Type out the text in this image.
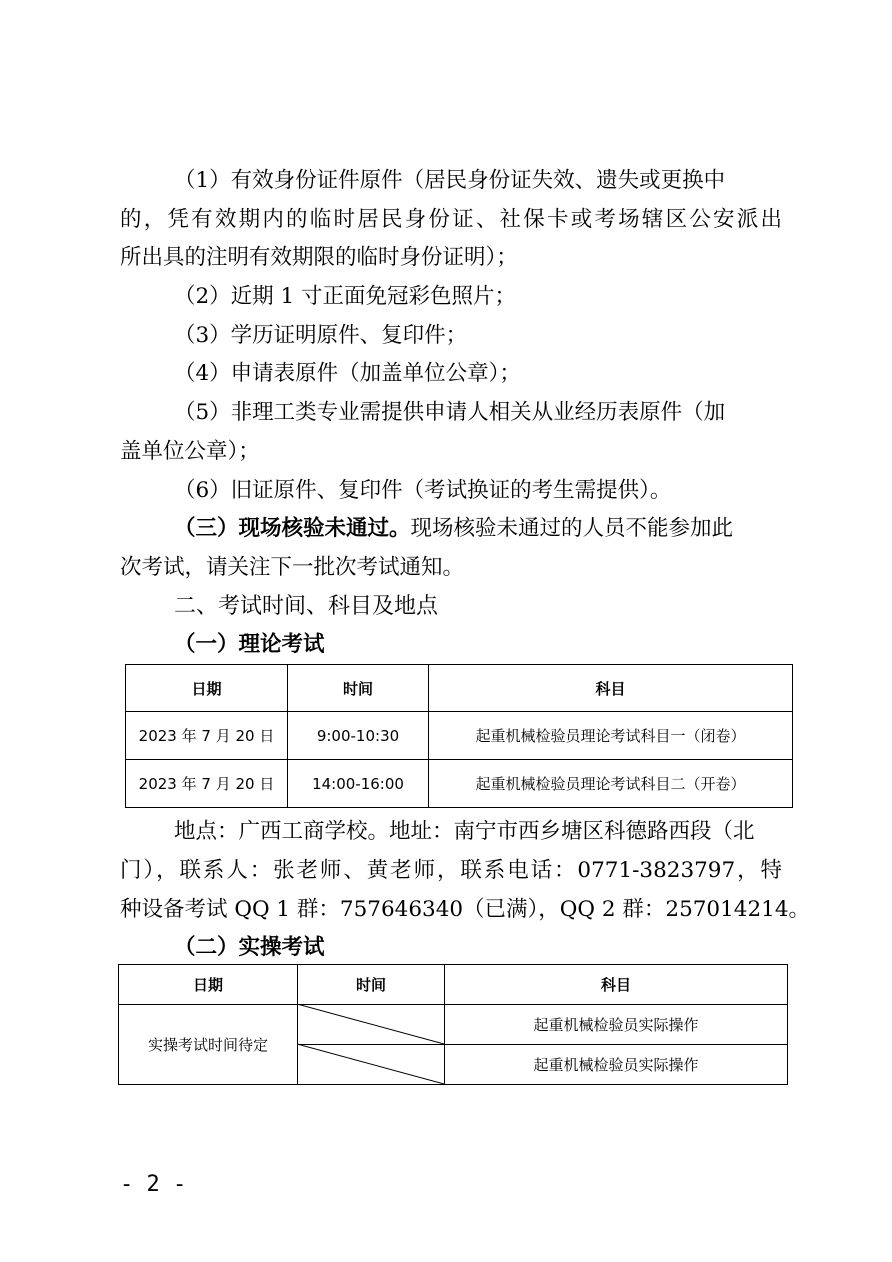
（1）有效身份证件原件（居民身份证失效、遗失或更换中
的，凭有效期内的临时居民身份证、社保卡或考场辖区公安派出
所出具的注明有效期限的临时身份证明）；
（2）近期 1 寸正面免冠彩色照片；
（3）学历证明原件、复印件；
（4）申请表原件（加盖单位公章）；
（5）非理工类专业需提供申请人相关从业经历表原件（加
盖单位公章）；
（6）旧证原件、复印件（考试换证的考生需提供）。
（三）现场核验未通过。现场核验未通过的人员不能参加此
次考试，请关注下一批次考试通知。
二、考试时间、科目及地点
（一）理论考试
日期	时间	科目
2023 年 7 月 20 日	9:00-10:30	起重机械检验员理论考试科目一（闭卷）
2023 年 7 月 20 日	14:00-16:00	起重机械检验员理论考试科目二（开卷）
地点：广西工商学校。地址：南宁市西乡塘区科德路西段（北
门），联系人：张老师、黄老师，联系电话：0771-3823797，特
种设备考试 QQ 1 群：757646340（已满），QQ 2 群：257014214。
（二）实操考试
日期	时间	科目
实操考试时间待定		起重机械检验员实际操作
		起重机械检验员实际操作
- 2 -
